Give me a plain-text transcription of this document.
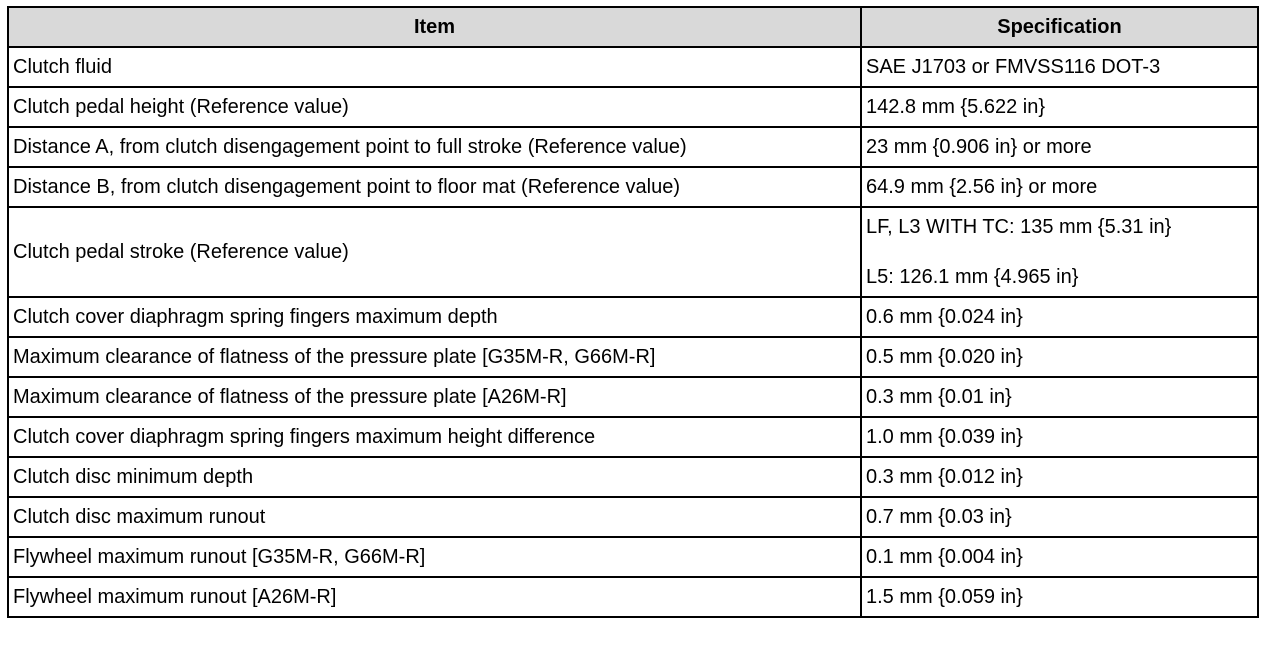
Item	Specification
Clutch fluid	SAE J1703 or FMVSS116 DOT-3

Clutch pedal height (Reference value)	142.8 mm {5.622 in}

Distance A, from clutch disengagement point to full stroke (Reference value)	23 mm {0.906 in} or more

Distance B, from clutch disengagement point to floor mat (Reference value)	64.9 mm {2.56 in} or more

Clutch pedal stroke (Reference value)	LF, L3 WITH TC: 135 mm {5.31 in}
L5: 126.1 mm {4.965 in}

Clutch cover diaphragm spring fingers maximum depth	0.6 mm {0.024 in}

Maximum clearance of flatness of the pressure plate [G35M-R, G66M-R]	0.5 mm {0.020 in}

Maximum clearance of flatness of the pressure plate [A26M-R]	0.3 mm {0.01 in}

Clutch cover diaphragm spring fingers maximum height difference	1.0 mm {0.039 in}

Clutch disc minimum depth	0.3 mm {0.012 in}

Clutch disc maximum runout	0.7 mm {0.03 in}

Flywheel maximum runout [G35M-R, G66M-R]	0.1 mm {0.004 in}

Flywheel maximum runout [A26M-R]	1.5 mm {0.059 in}
